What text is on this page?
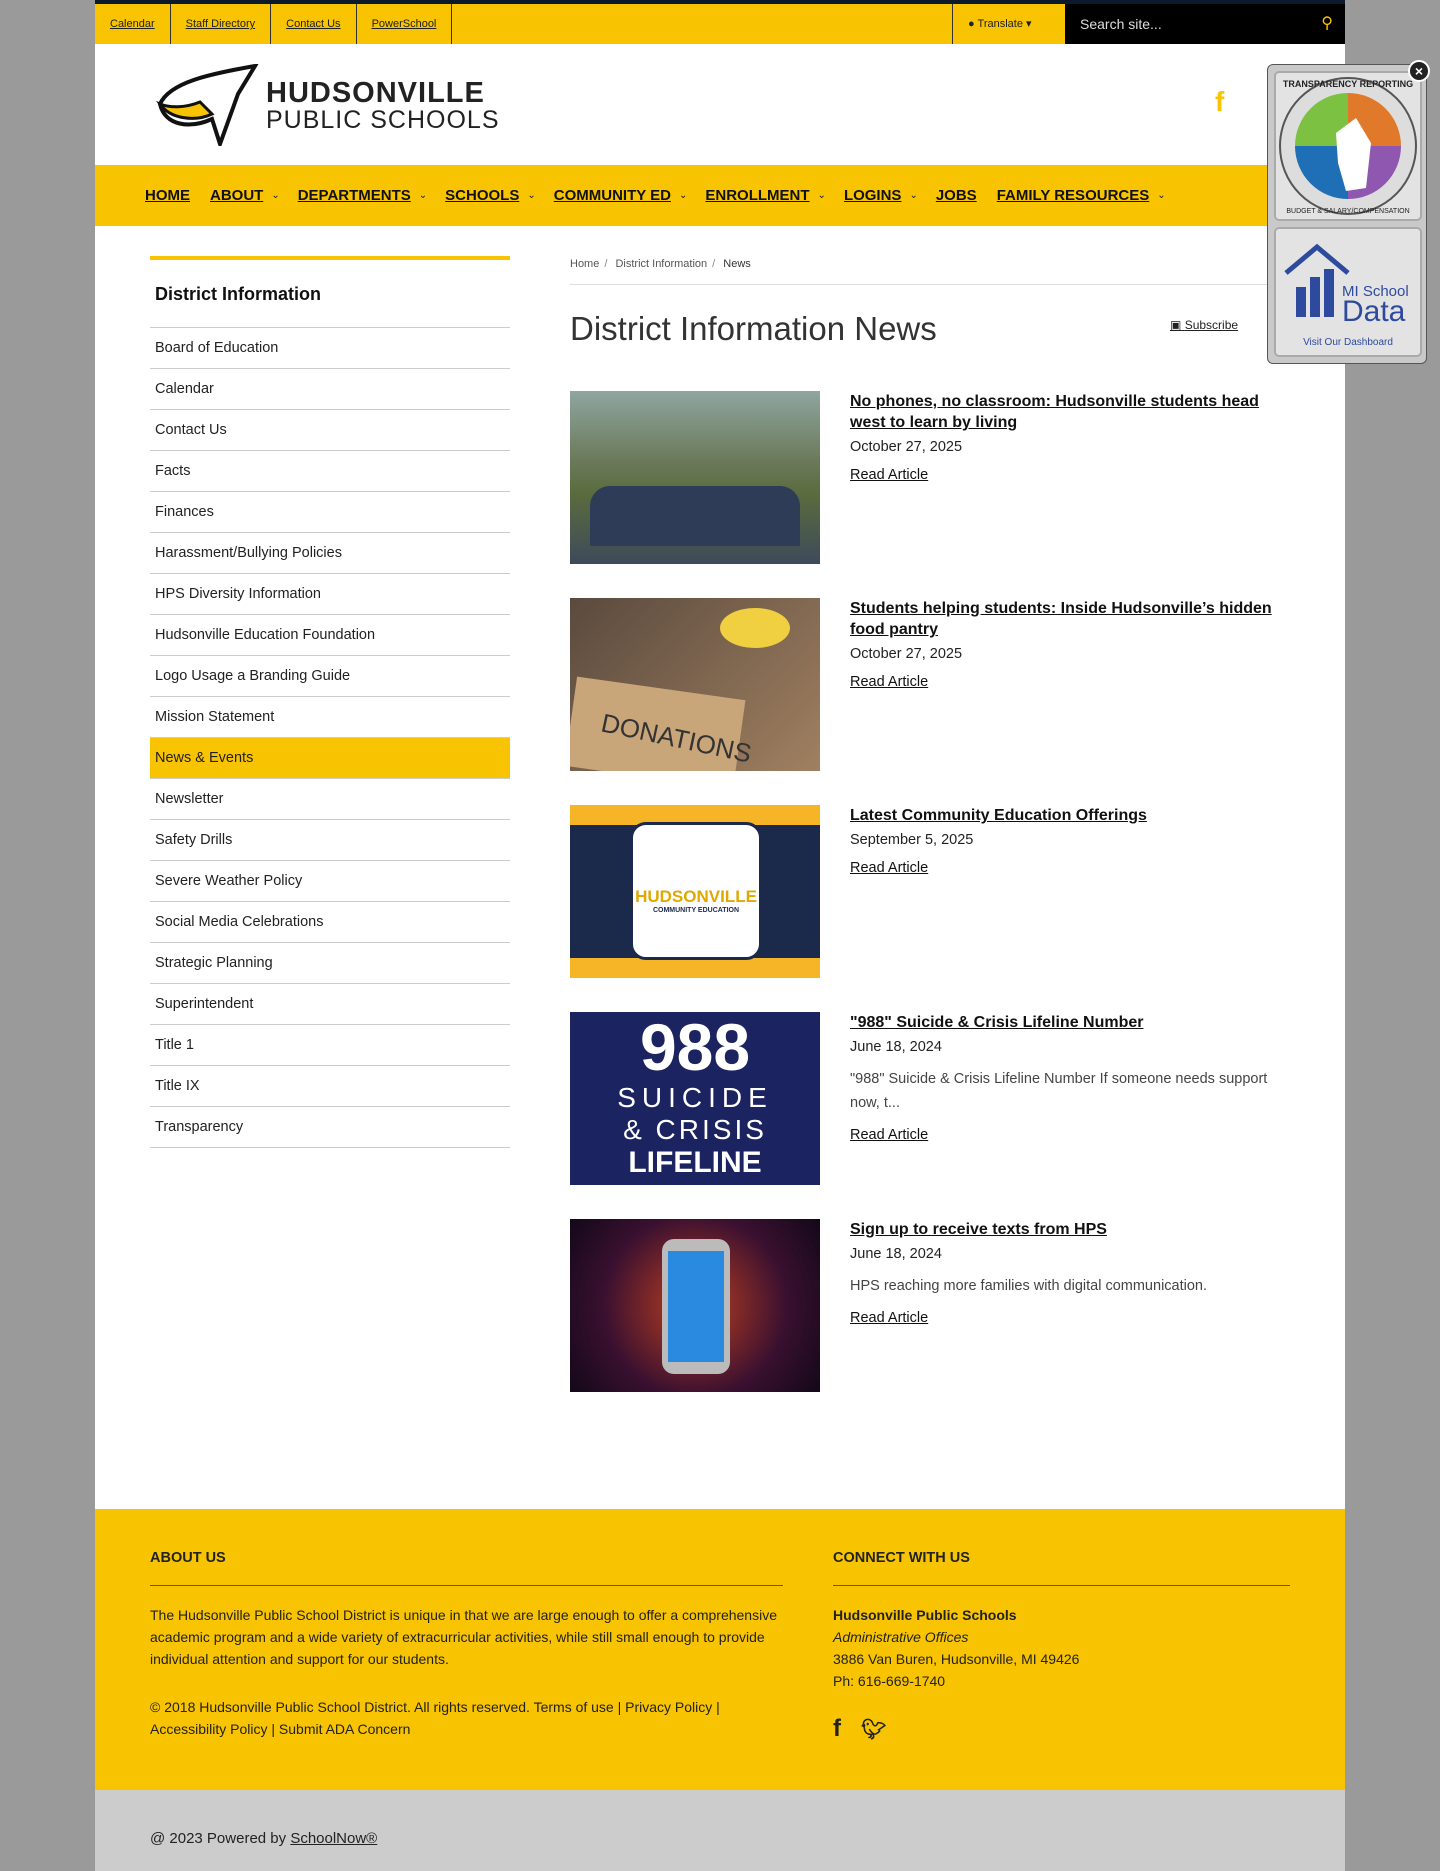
Calendar	Staff Directory	Contact Us	PowerSchool	● Translate ▾	Search site...	⚲
HUDSONVILLE
PUBLIC SCHOOLS
f
HOME ABOUT ⌄ DEPARTMENTS ⌄ SCHOOLS ⌄ COMMUNITY ED ⌄ ENROLLMENT ⌄ LOGINS ⌄ JOBS FAMILY RESOURCES ⌄
District Information
Board of Education
Calendar
Contact Us
Facts
Finances
Harassment/Bullying Policies
HPS Diversity Information
Hudsonville Education Foundation
Logo Usage a Branding Guide
Mission Statement
News & Events
Newsletter
Safety Drills
Severe Weather Policy
Social Media Celebrations
Strategic Planning
Superintendent
Title 1
Title IX
Transparency
Home / District Information / News
District Information News	▣ Subscribe
No phones, no classroom: Hudsonville students head west to learn by living
October 27, 2025
Read Article
DONATIONS
Students helping students: Inside Hudsonville’s hidden food pantry
October 27, 2025
Read Article
HUDSONVILLE
COMMUNITY EDUCATION
Latest Community Education Offerings
September 5, 2025
Read Article
988
SUICIDE
& CRISIS
LIFELINE
"988" Suicide & Crisis Lifeline Number
June 18, 2024
"988" Suicide & Crisis Lifeline Number If someone needs support now, t...
Read Article
Sign up to receive texts from HPS
June 18, 2024
HPS reaching more families with digital communication.
Read Article
ABOUT US

The Hudsonville Public School District is unique in that we are large enough to offer a comprehensive academic program and a wide variety of extracurricular activities, while still small enough to provide individual attention and support for our students.

© 2018 Hudsonville Public School District. All rights reserved. Terms of use | Privacy Policy | Accessibility Policy | Submit ADA Concern

CONNECT WITH US
Hudsonville Public Schools
Administrative Offices
3886 Van Buren, Hudsonville, MI 49426
Ph: 616-669-1740
f 🐦︎
@ 2023 Powered by SchoolNow®
TRANSPARENCY REPORTING
BUDGET & SALARY/COMPENSATION
MI School
Data
Visit Our Dashboard
×
